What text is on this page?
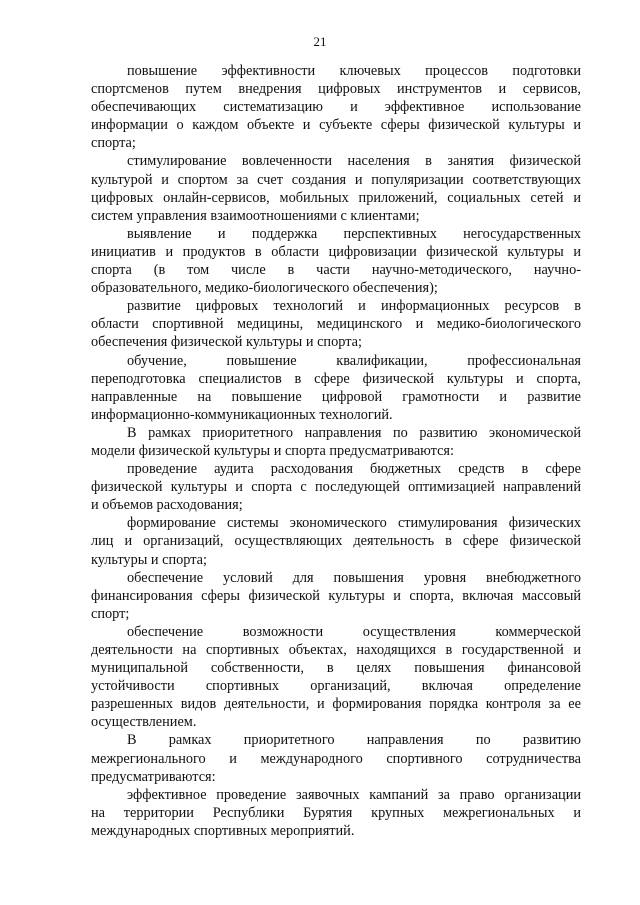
21
повышение эффективности ключевых процессов подготовки
спортсменов путем внедрения цифровых инструментов и сервисов,
обеспечивающих систематизацию и эффективное использование
информации о каждом объекте и субъекте сферы физической культуры и
спорта;
стимулирование вовлеченности населения в занятия физической
культурой и спортом за счет создания и популяризации соответствующих
цифровых онлайн-сервисов, мобильных приложений, социальных сетей и
систем управления взаимоотношениями с клиентами;
выявление и поддержка перспективных негосударственных
инициатив и продуктов в области цифровизации физической культуры и
спорта (в том числе в части научно-методического, научно-
образовательного, медико-биологического обеспечения);
развитие цифровых технологий и информационных ресурсов в
области спортивной медицины, медицинского и медико-биологического
обеспечения физической культуры и спорта;
обучение, повышение квалификации, профессиональная
переподготовка специалистов в сфере физической культуры и спорта,
направленные на повышение цифровой грамотности и развитие
информационно-коммуникационных технологий.
В рамках приоритетного направления по развитию экономической
модели физической культуры и спорта предусматриваются:
проведение аудита расходования бюджетных средств в сфере
физической культуры и спорта с последующей оптимизацией направлений
и объемов расходования;
формирование системы экономического стимулирования физических
лиц и организаций, осуществляющих деятельность в сфере физической
культуры и спорта;
обеспечение условий для повышения уровня внебюджетного
финансирования сферы физической культуры и спорта, включая массовый
спорт;
обеспечение возможности осуществления коммерческой
деятельности на спортивных объектах, находящихся в государственной и
муниципальной собственности, в целях повышения финансовой
устойчивости спортивных организаций, включая определение
разрешенных видов деятельности, и формирования порядка контроля за ее
осуществлением.
В рамках приоритетного направления по развитию
межрегионального и международного спортивного сотрудничества
предусматриваются:
эффективное проведение заявочных кампаний за право организации
на территории Республики Бурятия крупных межрегиональных и
международных спортивных мероприятий.
